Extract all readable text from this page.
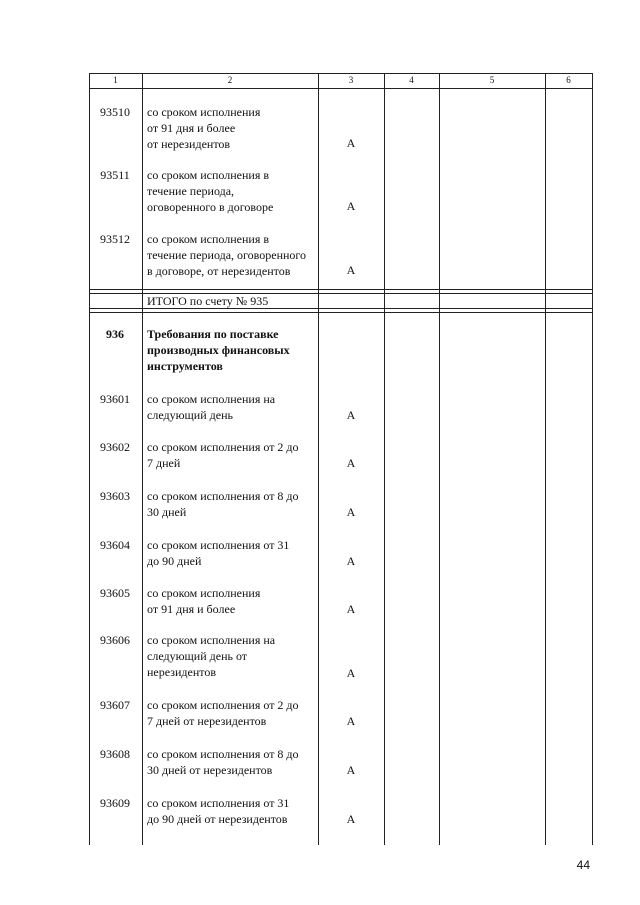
44
1	2	3	4	5	6
93510	со сроком исполнения
от 91 дня и более
от нерезидентов	А
93511	со сроком исполнения в
течение периода,
оговоренного в договоре	А
93512	со сроком исполнения в
течение периода, оговоренного
в договоре, от нерезидентов	А
ИТОГО по счету № 935
936	Требования по поставке
производных финансовых
инструментов
93601	со сроком исполнения на
следующий день	А
93602	со сроком исполнения от 2 до
7 дней	А
93603	со сроком исполнения от 8 до
30 дней	А
93604	со сроком исполнения от 31
до 90 дней	А
93605	со сроком исполнения
от 91 дня и более	А
93606	со сроком исполнения на
следующий день от
нерезидентов	А
93607	со сроком исполнения от 2 до
7 дней от нерезидентов	А
93608	со сроком исполнения от 8 до
30 дней от нерезидентов	А
93609	со сроком исполнения от 31
до 90 дней от нерезидентов	А
